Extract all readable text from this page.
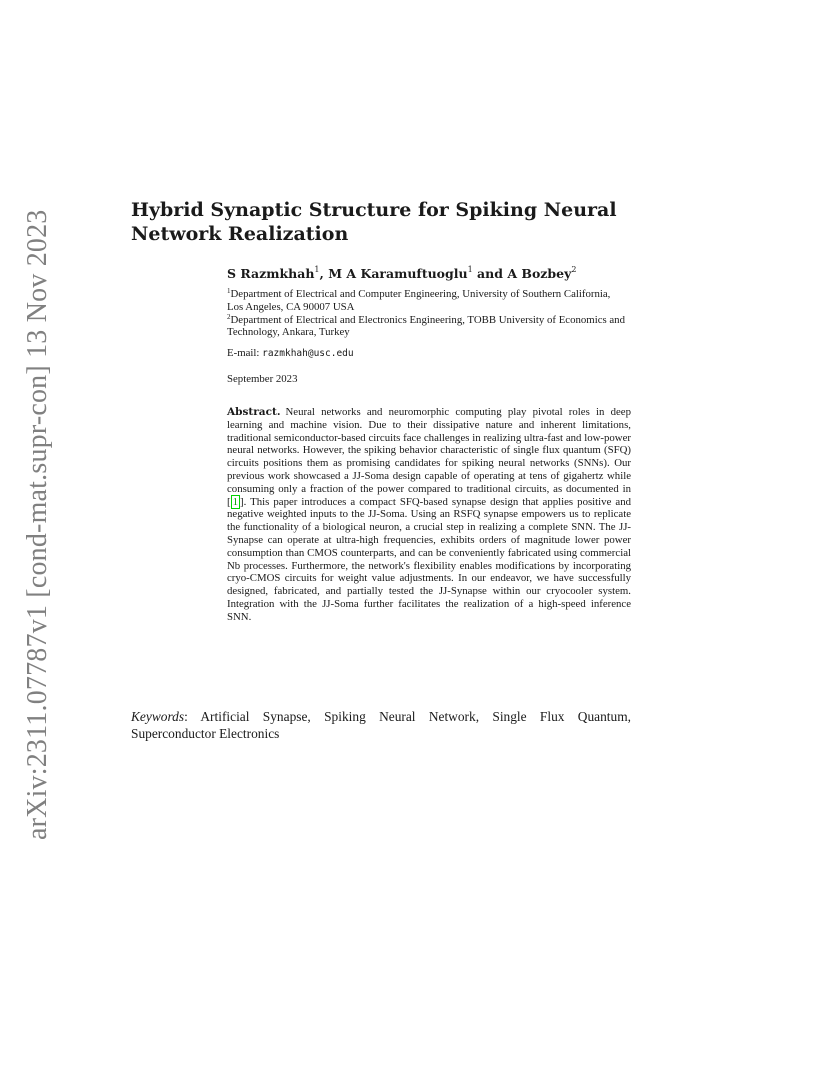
arXiv:2311.07787v1 [cond-mat.supr-con] 13 Nov 2023	Hybrid Synaptic Structure for Spiking Neural Network Realization
S Razmkhah$^1$, M A Karamuftuoglu$^1$ and A Bozbey$^2$

$^1$Department of Electrical and Computer Engineering, University of Southern California, Los Angeles, CA 90007 USA

$^2$Department of Electrical and Electronics Engineering, TOBB University of Economics and Technology, Ankara, Turkey

E-mail: razmkhah@usc.edu
September 2023

Abstract. Neural networks and neuromorphic computing play pivotal roles in deep learning and machine vision. Due to their dissipative nature and inherent limitations, traditional semiconductor-based circuits face challenges in realizing ultra-fast and low-power neural networks. However, the spiking behavior characteristic of single flux quantum (SFQ) circuits positions them as promising candidates for spiking neural networks (SNNs). Our previous work showcased a JJ-Soma design capable of operating at tens of gigahertz while consuming only a fraction of the power compared to traditional circuits, as documented in [ 1 ]. This paper introduces a compact SFQ-based synapse design that applies positive and negative weighted inputs to the JJ-Soma. Using an RSFQ synapse empowers us to replicate the functionality of a biological neuron, a crucial step in realizing a complete SNN. The JJ-Synapse can operate at ultra-high frequencies, exhibits orders of magnitude lower power consumption than CMOS counterparts, and can be conveniently fabricated using commercial Nb processes. Furthermore, the network's flexibility enables modifications by incorporating cryo-CMOS circuits for weight value adjustments. In our endeavor, we have successfully designed, fabricated, and partially tested the JJ-Synapse within our cryocooler system. Integration with the JJ-Soma further facilitates the realization of a high-speed inference SNN.

Keywords: Artificial Synapse, Spiking Neural Network, Single Flux Quantum, Superconductor Electronics
